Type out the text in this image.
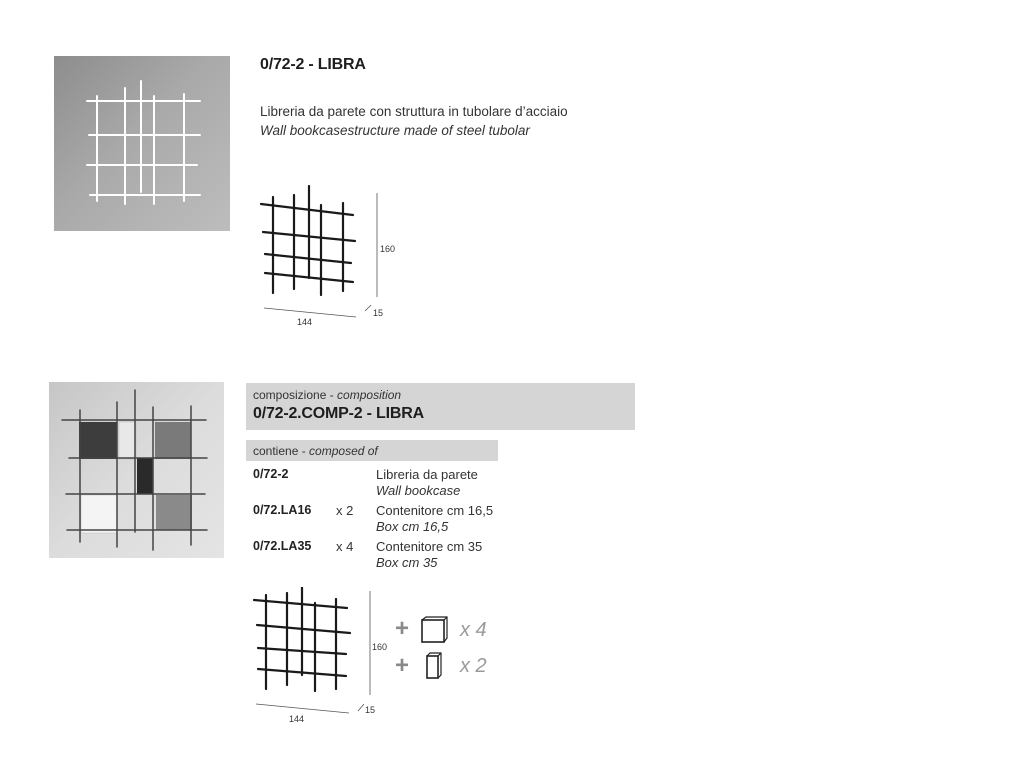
0/72-2 - LIBRA
Libreria da parete con struttura in tubolare d’acciaio
Wall bookcasestructure made of steel tubolar
160
144
15
composizione - composition
0/72-2.COMP-2 - LIBRA
contiene - composed of
0/72-2	Libreria da parete
Wall bookcase
0/72.LA16 x 2 Contenitore cm 16,5
Box cm 16,5
0/72.LA35 x 4 Contenitore cm 35
Box cm 35
160
144
15
+	x 4
+	x 2
